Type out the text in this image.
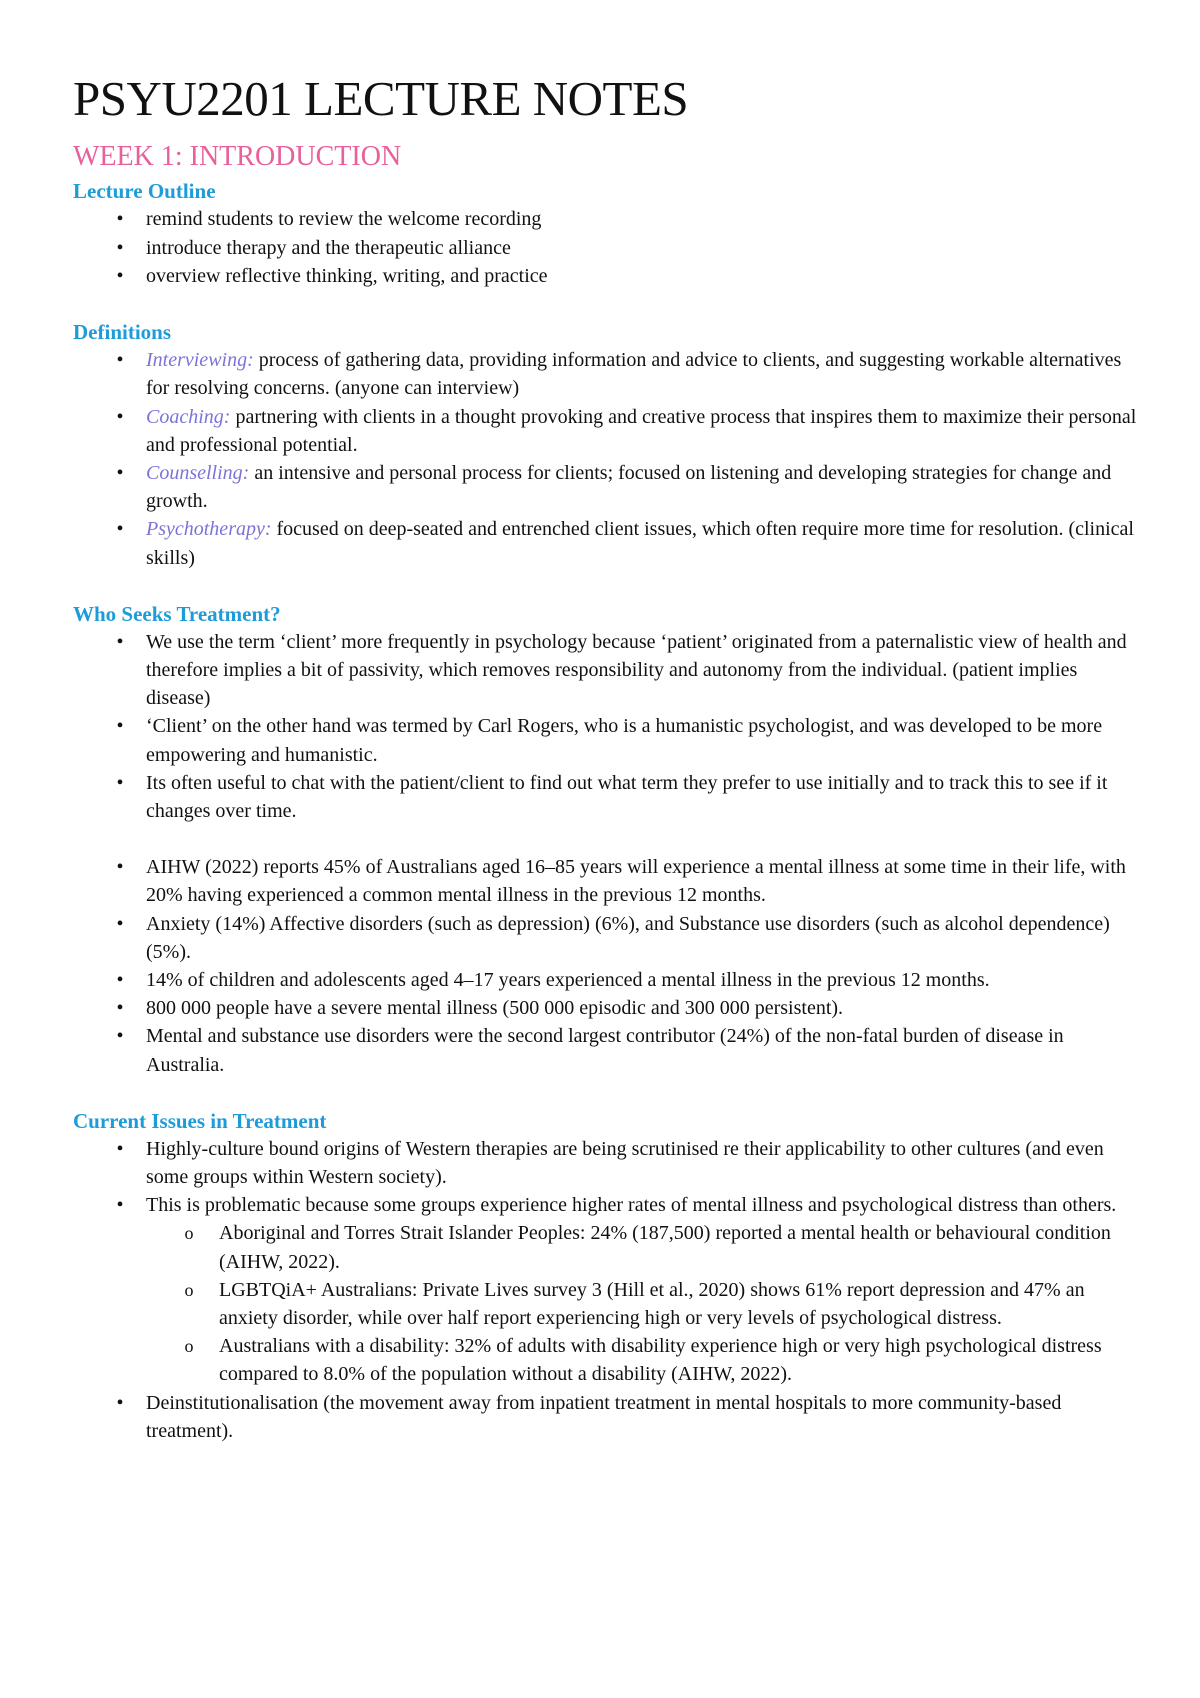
PSYU2201 LECTURE NOTES
WEEK 1: INTRODUCTION
Lecture Outline
•	remind students to review the welcome recording
•	introduce therapy and the therapeutic alliance
•	overview reflective thinking, writing, and practice
Definitions
•	Interviewing: process of gathering data, providing information and advice to clients, and suggesting workable alternatives for resolving concerns. (anyone can interview)
•	Coaching: partnering with clients in a thought provoking and creative process that inspires them to maximize their personal and professional potential.
•	Counselling: an intensive and personal process for clients; focused on listening and developing strategies for change and growth.
•	Psychotherapy: focused on deep-seated and entrenched client issues, which often require more time for resolution. (clinical skills)
Who Seeks Treatment?
•	We use the term ‘client’ more frequently in psychology because ‘patient’ originated from a paternalistic view of health and therefore implies a bit of passivity, which removes responsibility and autonomy from the individual. (patient implies disease)
•	‘Client’ on the other hand was termed by Carl Rogers, who is a humanistic psychologist, and was developed to be more empowering and humanistic.
•	Its often useful to chat with the patient/client to find out what term they prefer to use initially and to track this to see if it changes over time.
•	AIHW (2022) reports 45% of Australians aged 16–85 years will experience a mental illness at some time in their life, with 20% having experienced a common mental illness in the previous 12 months.
•	Anxiety (14%) Affective disorders (such as depression) (6%), and Substance use disorders (such as alcohol dependence) (5%).
•	14% of children and adolescents aged 4–17 years experienced a mental illness in the previous 12 months.
•	800 000 people have a severe mental illness (500 000 episodic and 300 000 persistent).
•	Mental and substance use disorders were the second largest contributor (24%) of the non-fatal burden of disease in Australia.
Current Issues in Treatment
•	Highly-culture bound origins of Western therapies are being scrutinised re their applicability to other cultures (and even some groups within Western society).
•	This is problematic because some groups experience higher rates of mental illness and psychological distress than others.
o Aboriginal and Torres Strait Islander Peoples: 24% (187,500) reported a mental health or behavioural condition (AIHW, 2022).
o LGBTQiA+ Australians: Private Lives survey 3 (Hill et al., 2020) shows 61% report depression and 47% an anxiety disorder, while over half report experiencing high or very levels of psychological distress.
o Australians with a disability: 32% of adults with disability experience high or very high psychological distress compared to 8.0% of the population without a disability (AIHW, 2022).
•	Deinstitutionalisation (the movement away from inpatient treatment in mental hospitals to more community-based treatment).
